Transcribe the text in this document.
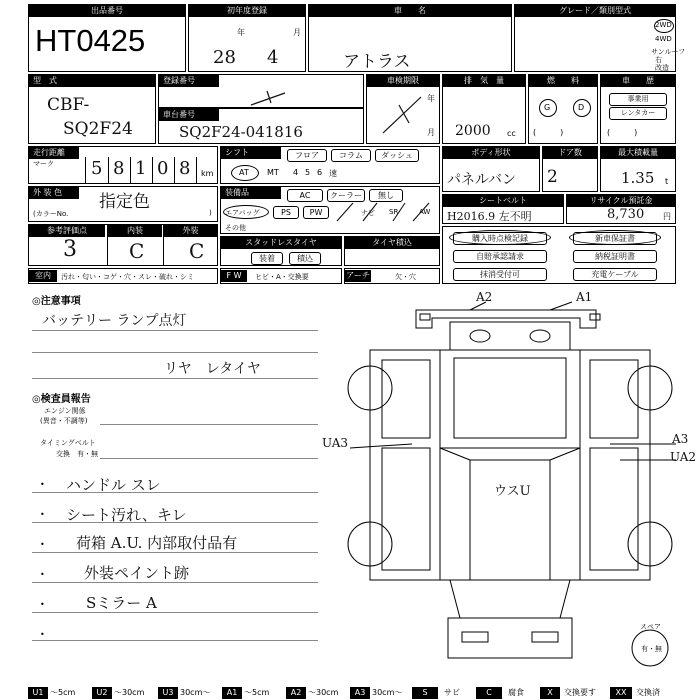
出品番号
HT0425
初年度登録
年	月
28 4
車　　名
アトラス
グレード／類別型式
2WD
4WD
サンルーフ
右
改造
型　式
CBF-
SQ2F24
登録番号
車台番号
SQ2F24-041816
車検期限
年
月
排　気　量
2000 cc
燃　　料
G	D
(　　　)
車　　歴
事業用
レンタカー
(　　　)
走行距離
マーク 5 8 1 0 8 km
シフト	フロア	コラム	ダッシュ
AT MT 4 5 6 速
ボディ形状
パネルバン
ドア数
2
最大積載量
1.35 t
外 装 色	指定色
(カラーNo.	)
装備品	AC	クーラー	無し
エアバッグ	PS	PW	ナビ SR	AW
その他
シートベルト
H2016.9 左不明
リサイクル預託金
8,730 円
参考評価点
3
内装
C
外装
C	スタッドレスタイヤ
装着	積込
タイヤ積込	購入時点検記録	新車保証書
自賠承認請求	納税証明書
抹消受付可	充電ケーブル
室内	汚れ・匂い・コゲ・穴・スレ・破れ・シミ	F W	ヒビ・A・交換要	アーチ	欠・穴
◎注意事項
バッテリー ランプ点灯
リヤ　レタイヤ
◎検査員報告
エンジン関係
(異音・不調等)
タイミングベルト
交換　有・無
•
•
•
•
•
•
ハンドル スレ
シート汚れ、キレ
荷箱 A.U. 内部取付品有
外装ペイント跡
Sミラー A
A2	A1
UA3	A3
UA2
ウスU
スペア
有・無
U1 ～5cm	U2 ～30cm	U3 30cm～	A1 ～5cm	A2 ～30cm	A3 30cm～	S	サビ	C	腐食	X	交換要す	XX	交換済
